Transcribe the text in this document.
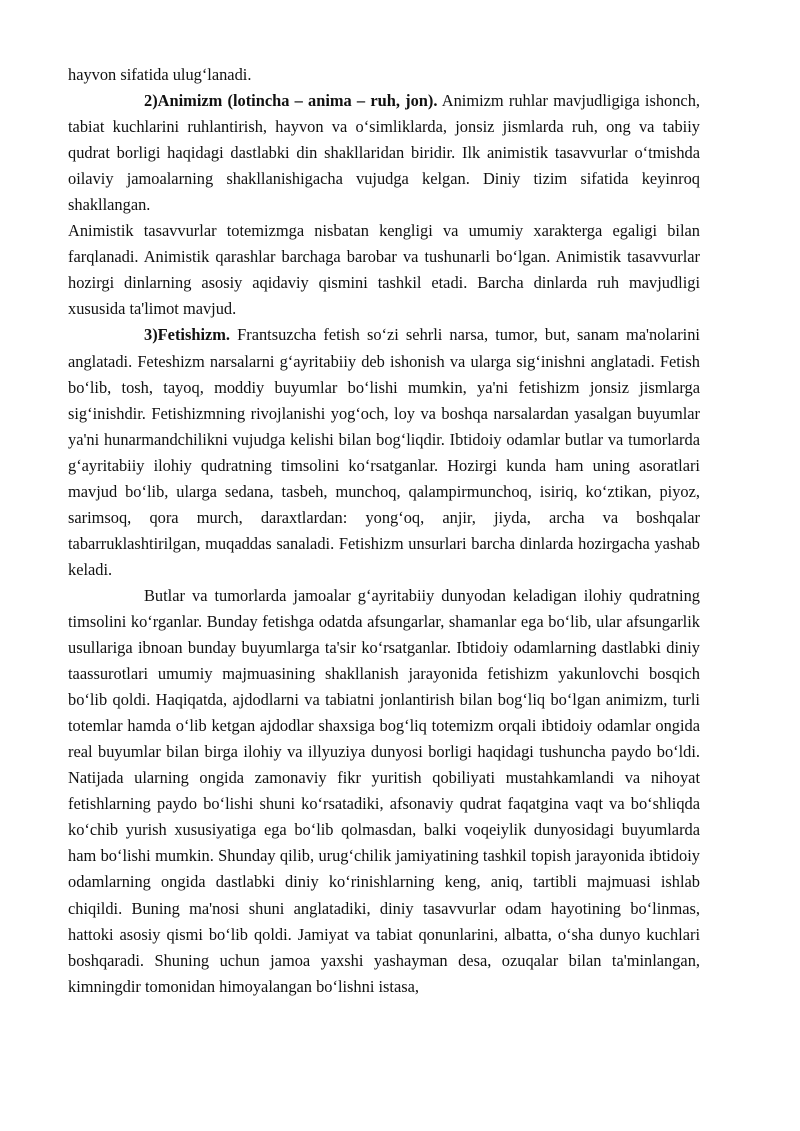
hayvon sifatida ulug‘lanadi.

2)Animizm (lotincha – anima – ruh, jon). Animizm ruhlar mavjudligiga ishonch, tabiat kuchlarini ruhlantirish, hayvon va o‘simliklarda, jonsiz jismlarda ruh, ong va tabiiy qudrat borligi haqidagi dastlabki din shakllaridan biridir. Ilk animistik tasavvurlar o‘tmishda oilaviy jamoalarning shakllanishigacha vujudga kelgan. Diniy tizim sifatida keyinroq shakllangan.

Animistik tasavvurlar totemizmga nisbatan kengligi va umumiy xarakterga egaligi bilan farqlanadi. Animistik qarashlar barchaga barobar va tushunarli bo‘lgan. Animistik tasavvurlar hozirgi dinlarning asosiy aqidaviy qismini tashkil etadi. Barcha dinlarda ruh mavjudligi xususida ta'limot mavjud.

3)Fetishizm. Frantsuzcha fetish so‘zi sehrli narsa, tumor, but, sanam ma'nolarini anglatadi. Feteshizm narsalarni g‘ayritabiiy deb ishonish va ularga sig‘inishni anglatadi. Fetish bo‘lib, tosh, tayoq, moddiy buyumlar bo‘lishi mumkin, ya'ni fetishizm jonsiz jismlarga sig‘inishdir. Fetishizmning rivojlanishi yog‘och, loy va boshqa narsalardan yasalgan buyumlar ya'ni hunarmandchilikni vujudga kelishi bilan bog‘liqdir. Ibtidoiy odamlar butlar va tumorlarda g‘ayritabiiy ilohiy qudratning timsolini ko‘rsatganlar. Hozirgi kunda ham uning asoratlari mavjud bo‘lib, ularga sedana, tasbeh, munchoq, qalampirmunchoq, isiriq, ko‘ztikan, piyoz, sarimsoq, qora murch, daraxtlardan: yong‘oq, anjir, jiyda, archa va boshqalar tabarruklashtirilgan, muqaddas sanaladi. Fetishizm unsurlari barcha dinlarda hozirgacha yashab keladi.

Butlar va tumorlarda jamoalar g‘ayritabiiy dunyodan keladigan ilohiy qudratning timsolini ko‘rganlar. Bunday fetishga odatda afsungarlar, shamanlar ega bo‘lib, ular afsungarlik usullariga ibnoan bunday buyumlarga ta'sir ko‘rsatganlar. Ibtidoiy odamlarning dastlabki diniy taassurotlari umumiy majmuasining shakllanish jarayonida fetishizm yakunlovchi bosqich bo‘lib qoldi. Haqiqatda, ajdodlarni va tabiatni jonlantirish bilan bog‘liq bo‘lgan animizm, turli totemlar hamda o‘lib ketgan ajdodlar shaxsiga bog‘liq totemizm orqali ibtidoiy odamlar ongida real buyumlar bilan birga ilohiy va illyuziya dunyosi borligi haqidagi tushuncha paydo bo‘ldi. Natijada ularning ongida zamonaviy fikr yuritish qobiliyati mustahkamlandi va nihoyat fetishlarning paydo bo‘lishi shuni ko‘rsatadiki, afsonaviy qudrat faqatgina vaqt va bo‘shliqda ko‘chib yurish xususiyatiga ega bo‘lib qolmasdan, balki voqeiylik dunyosidagi buyumlarda ham bo‘lishi mumkin. Shunday qilib, urug‘chilik jamiyatining tashkil topish jarayonida ibtidoiy odamlarning ongida dastlabki diniy ko‘rinishlarning keng, aniq, tartibli majmuasi ishlab chiqildi. Buning ma'nosi shuni anglatadiki, diniy tasavvurlar odam hayotining bo‘linmas, hattoki asosiy qismi bo‘lib qoldi. Jamiyat va tabiat qonunlarini, albatta, o‘sha dunyo kuchlari boshqaradi. Shuning uchun jamoa yaxshi yashayman desa, ozuqalar bilan ta'minlangan, kimningdir tomonidan himoyalangan bo‘lishni istasa,
